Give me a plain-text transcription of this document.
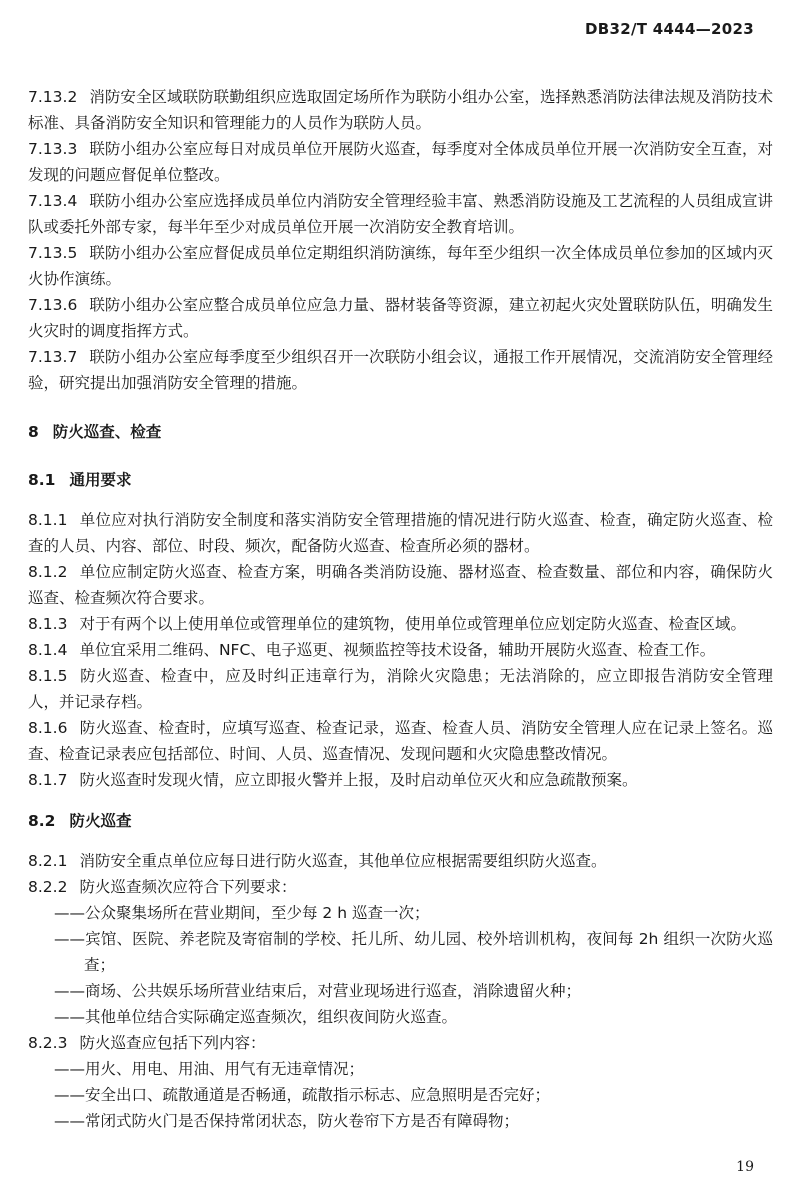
DB32/T 4444—2023

7.13.2 消防安全区域联防联勤组织应选取固定场所作为联防小组办公室，选择熟悉消防法律法规及消防技术标准、具备消防安全知识和管理能力的人员作为联防人员。

7.13.3 联防小组办公室应每日对成员单位开展防火巡查，每季度对全体成员单位开展一次消防安全互查，对发现的问题应督促单位整改。

7.13.4 联防小组办公室应选择成员单位内消防安全管理经验丰富、熟悉消防设施及工艺流程的人员组成宣讲队或委托外部专家，每半年至少对成员单位开展一次消防安全教育培训。

7.13.5 联防小组办公室应督促成员单位定期组织消防演练，每年至少组织一次全体成员单位参加的区域内灭火协作演练。

7.13.6 联防小组办公室应整合成员单位应急力量、器材装备等资源，建立初起火灾处置联防队伍，明确发生火灾时的调度指挥方式。

7.13.7 联防小组办公室应每季度至少组织召开一次联防小组会议，通报工作开展情况，交流消防安全管理经验，研究提出加强消防安全管理的措施。

8 防火巡查、检查

8.1 通用要求

8.1.1 单位应对执行消防安全制度和落实消防安全管理措施的情况进行防火巡查、检查，确定防火巡查、检查的人员、内容、部位、时段、频次，配备防火巡查、检查所必须的器材。

8.1.2 单位应制定防火巡查、检查方案，明确各类消防设施、器材巡查、检查数量、部位和内容，确保防火巡查、检查频次符合要求。

8.1.3 对于有两个以上使用单位或管理单位的建筑物，使用单位或管理单位应划定防火巡查、检查区域。

8.1.4 单位宜采用二维码、NFC、电子巡更、视频监控等技术设备，辅助开展防火巡查、检查工作。

8.1.5 防火巡查、检查中，应及时纠正违章行为，消除火灾隐患；无法消除的，应立即报告消防安全管理人，并记录存档。

8.1.6 防火巡查、检查时，应填写巡查、检查记录，巡查、检查人员、消防安全管理人应在记录上签名。巡查、检查记录表应包括部位、时间、人员、巡查情况、发现问题和火灾隐患整改情况。

8.1.7 防火巡查时发现火情，应立即报火警并上报，及时启动单位灭火和应急疏散预案。

8.2 防火巡查

8.2.1 消防安全重点单位应每日进行防火巡查，其他单位应根据需要组织防火巡查。

8.2.2 防火巡查频次应符合下列要求：

——公众聚集场所在营业期间，至少每 2 h 巡查一次；
——宾馆、医院、养老院及寄宿制的学校、托儿所、幼儿园、校外培训机构，夜间每 2h 组织一次防火巡查；
——商场、公共娱乐场所营业结束后，对营业现场进行巡查，消除遗留火种；
——其他单位结合实际确定巡查频次，组织夜间防火巡查。

8.2.3 防火巡查应包括下列内容：

——用火、用电、用油、用气有无违章情况；
——安全出口、疏散通道是否畅通，疏散指示标志、应急照明是否完好；
——常闭式防火门是否保持常闭状态，防火卷帘下方是否有障碍物；
19
